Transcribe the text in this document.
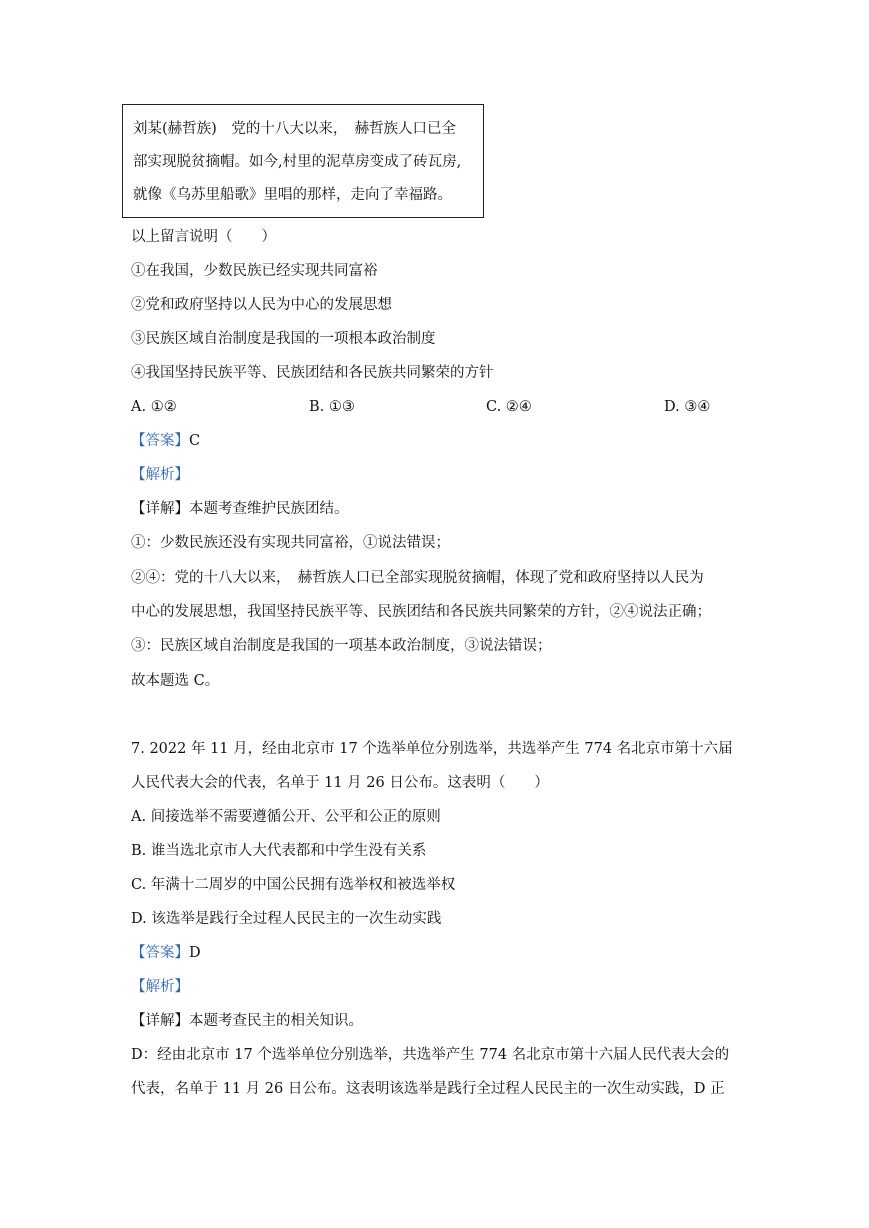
刘某(赫哲族)　党的十八大以来，　赫哲族人口已全
部实现脱贫摘帽。如今,村里的泥草房变成了砖瓦房,
就像《乌苏里船歌》里唱的那样，走向了幸福路。
以上留言说明（　　）
①在我国，少数民族已经实现共同富裕
②党和政府坚持以人民为中心的发展思想
③民族区域自治制度是我国的一项根本政治制度
④我国坚持民族平等、民族团结和各民族共同繁荣的方针
A. ①②	B. ①③	C. ②④	D. ③④
【答案】C
【解析】
【详解】本题考查维护民族团结。
①：少数民族还没有实现共同富裕，①说法错误；
②④：党的十八大以来，　赫哲族人口已全部实现脱贫摘帽，体现了党和政府坚持以人民为
中心的发展思想，我国坚持民族平等、民族团结和各民族共同繁荣的方针，②④说法正确；
③：民族区域自治制度是我国的一项基本政治制度，③说法错误；
故本题选 C。
7. 2022 年 11 月，经由北京市 17 个选举单位分别选举，共选举产生 774 名北京市第十六届
人民代表大会的代表，名单于 11 月 26 日公布。这表明（　　）
A. 间接选举不需要遵循公开、公平和公正的原则
B. 谁当选北京市人大代表都和中学生没有关系
C. 年满十二周岁的中国公民拥有选举权和被选举权
D. 该选举是践行全过程人民民主的一次生动实践
【答案】D
【解析】
【详解】本题考查民主的相关知识。
D：经由北京市 17 个选举单位分别选举，共选举产生 774 名北京市第十六届人民代表大会的
代表，名单于 11 月 26 日公布。这表明该选举是践行全过程人民民主的一次生动实践，D 正
